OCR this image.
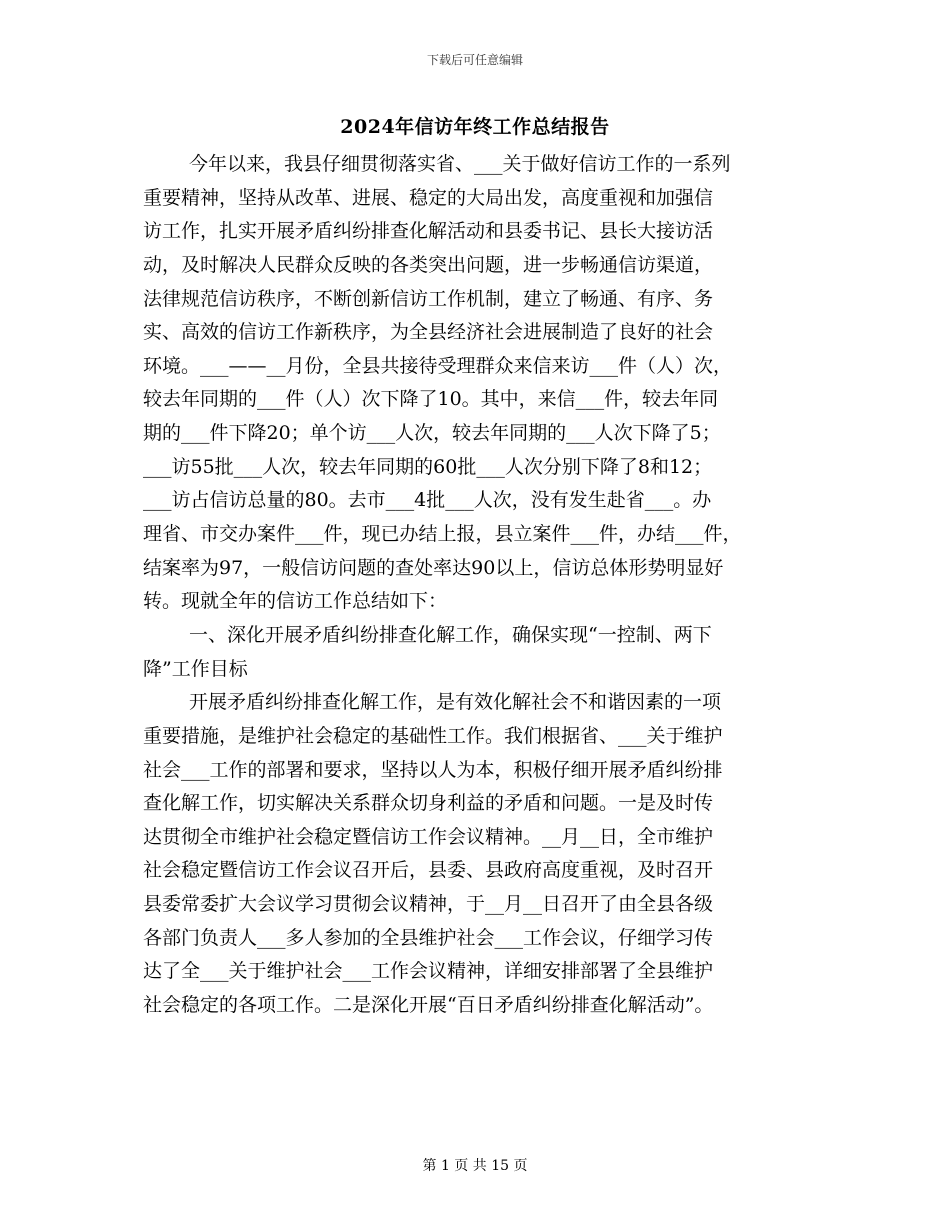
下载后可任意编辑
2024年信访年终工作总结报告
今年以来，我县仔细贯彻落实省、___关于做好信访工作的一系列
重要精神，坚持从改革、进展、稳定的大局出发，高度重视和加强信
访工作，扎实开展矛盾纠纷排查化解活动和县委书记、县长大接访活
动，及时解决人民群众反映的各类突出问题，进一步畅通信访渠道，
法律规范信访秩序，不断创新信访工作机制，建立了畅通、有序、务
实、高效的信访工作新秩序，为全县经济社会进展制造了良好的社会
环境。___——__月份，全县共接待受理群众来信来访___件（人）次，
较去年同期的___件（人）次下降了10。其中，来信___件，较去年同
期的___件下降20；单个访___人次，较去年同期的___人次下降了5；
___访55批___人次，较去年同期的60批___人次分别下降了8和12；
___访占信访总量的80。去市___4批___人次，没有发生赴省___。办
理省、市交办案件___件，现已办结上报，县立案件___件，办结___件，
结案率为97，一般信访问题的查处率达90以上，信访总体形势明显好
转。现就全年的信访工作总结如下：
一、深化开展矛盾纠纷排查化解工作，确保实现“一控制、两下
降”工作目标
开展矛盾纠纷排查化解工作，是有效化解社会不和谐因素的一项
重要措施，是维护社会稳定的基础性工作。我们根据省、___关于维护
社会___工作的部署和要求，坚持以人为本，积极仔细开展矛盾纠纷排
查化解工作，切实解决关系群众切身利益的矛盾和问题。一是及时传
达贯彻全市维护社会稳定暨信访工作会议精神。__月__日，全市维护
社会稳定暨信访工作会议召开后，县委、县政府高度重视，及时召开
县委常委扩大会议学习贯彻会议精神，于__月__日召开了由全县各级
各部门负责人___多人参加的全县维护社会___工作会议，仔细学习传
达了全___关于维护社会___工作会议精神，详细安排部署了全县维护
社会稳定的各项工作。二是深化开展“百日矛盾纠纷排查化解活动”。
第 1 页 共 15 页
